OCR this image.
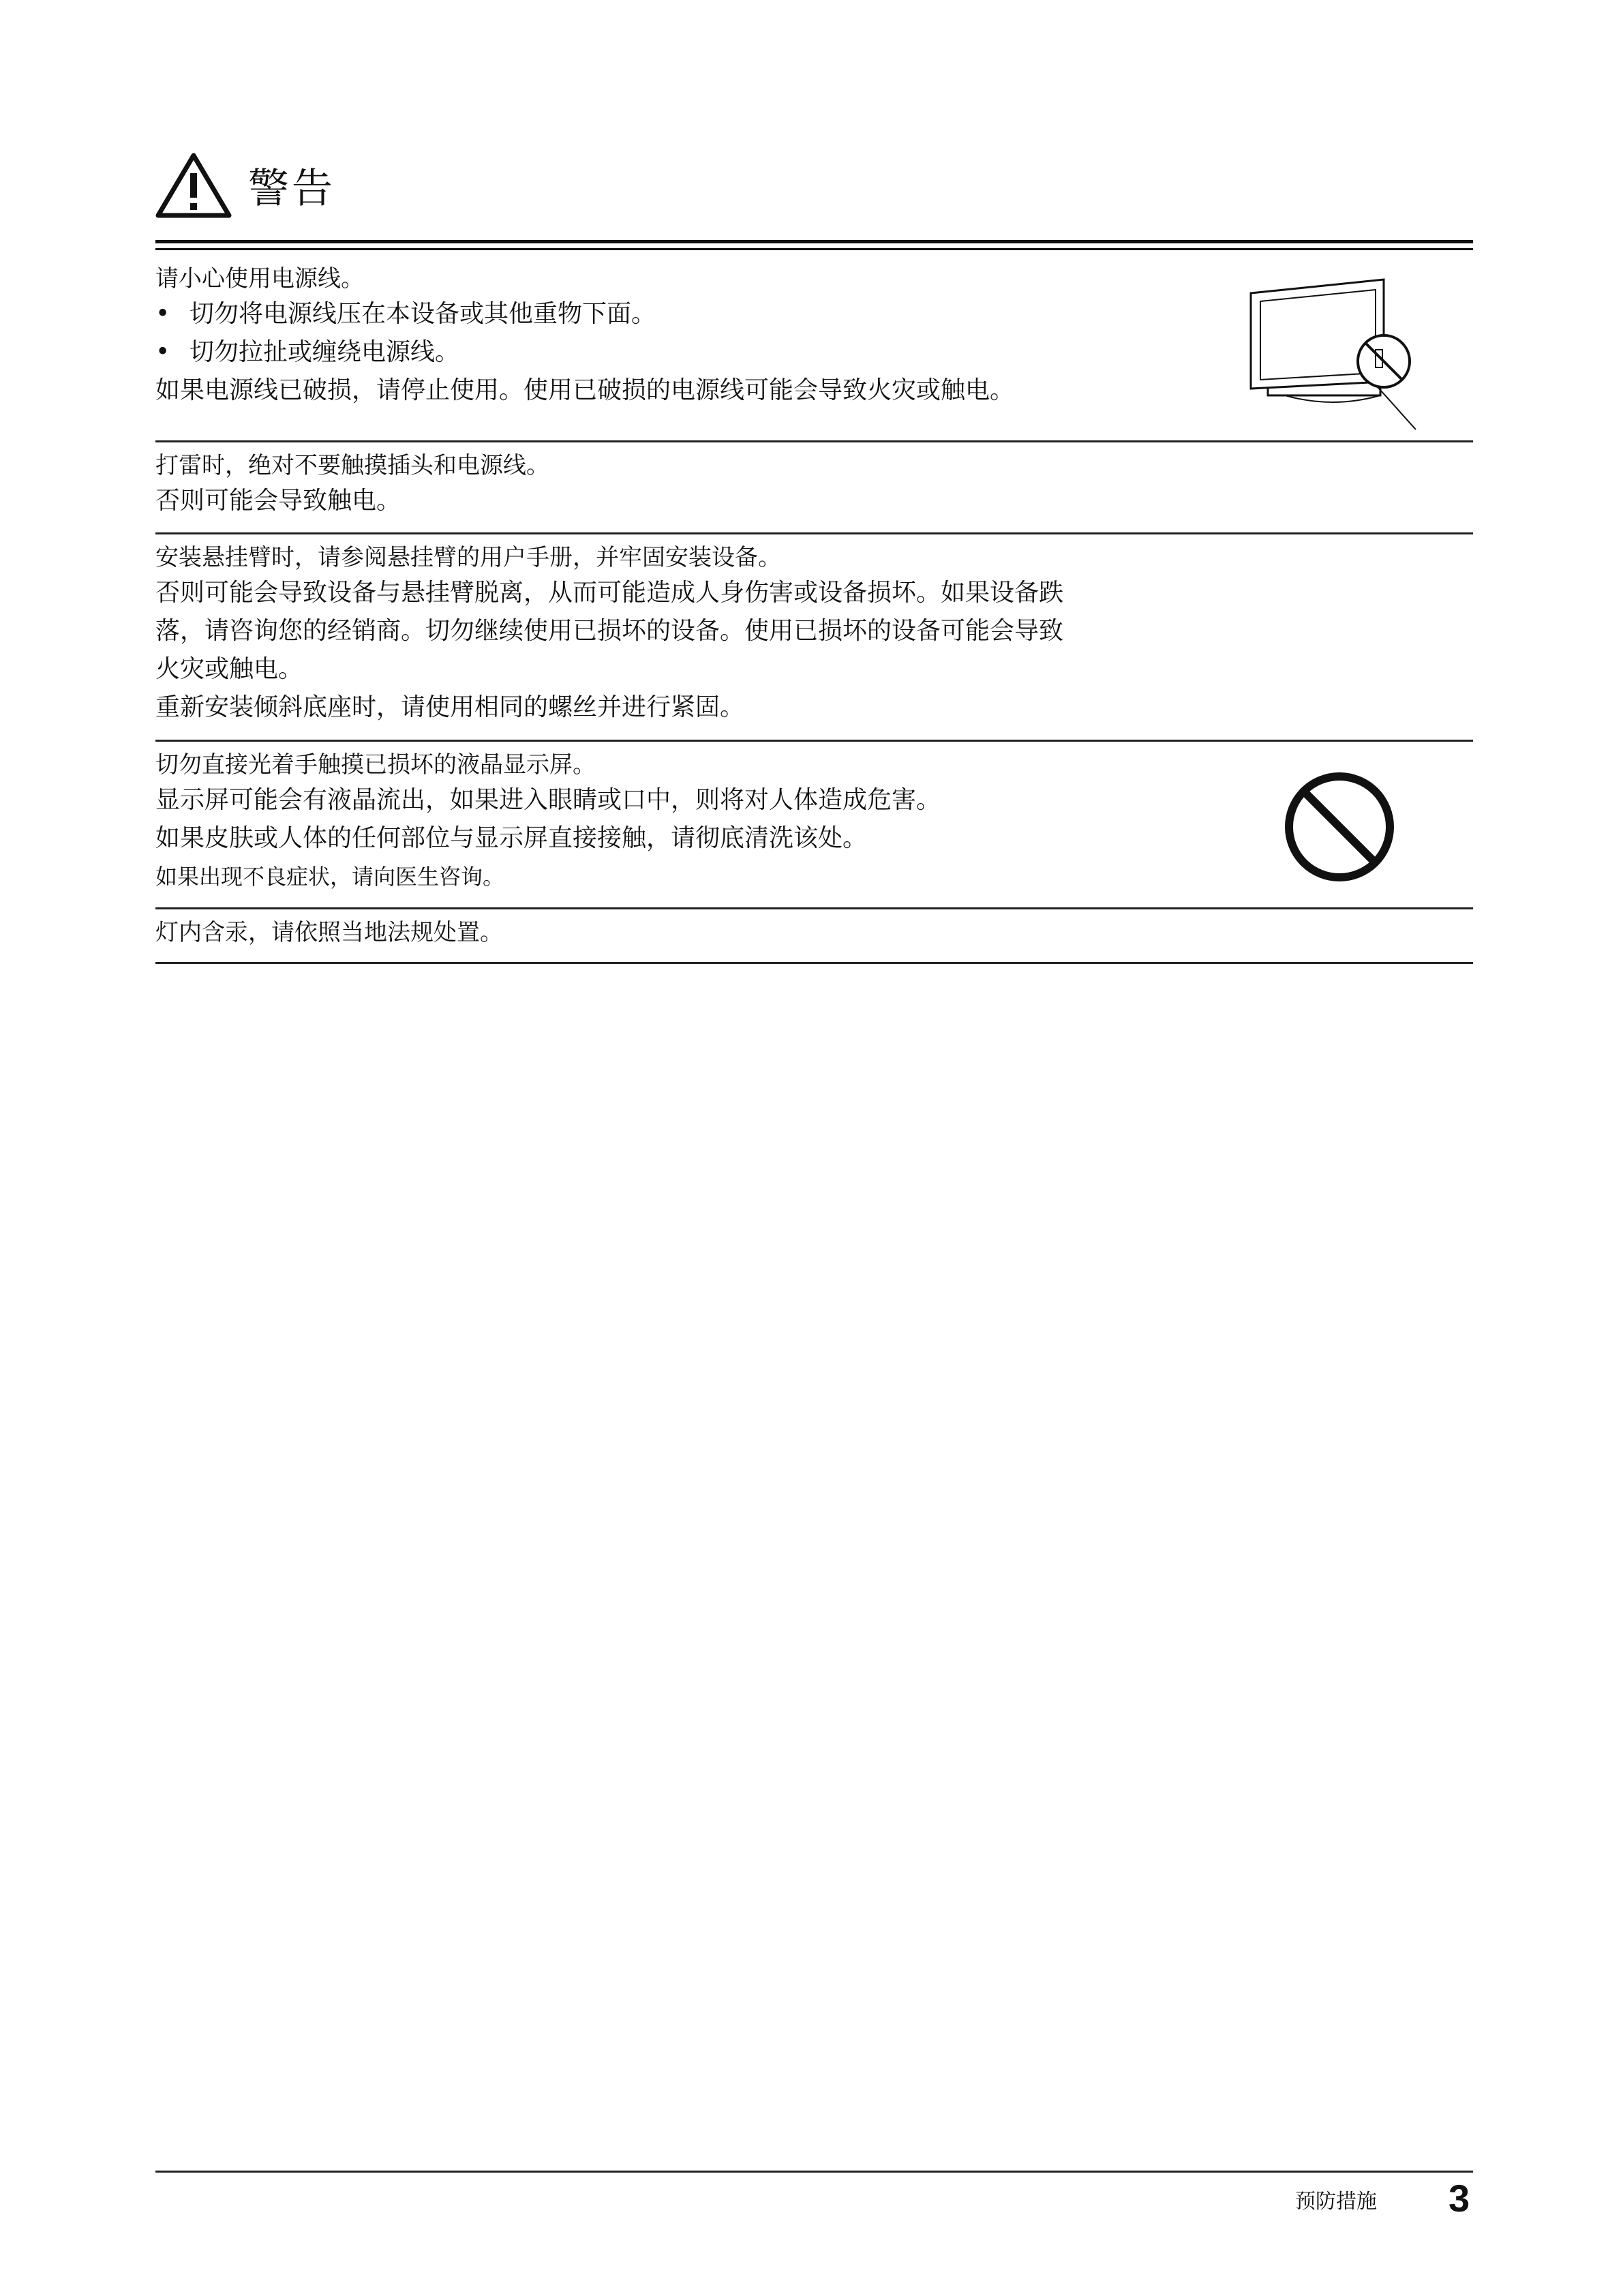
警告
请小心使用电源线。
• 切勿将电源线压在本设备或其他重物下面。
• 切勿拉扯或缠绕电源线。
如果电源线已破损，请停止使用。使用已破损的电源线可能会导致火灾或触电。
打雷时，绝对不要触摸插头和电源线。
否则可能会导致触电。
安装悬挂臂时，请参阅悬挂臂的用户手册，并牢固安装设备。
否则可能会导致设备与悬挂臂脱离，从而可能造成人身伤害或设备损坏。如果设备跌
落，请咨询您的经销商。切勿继续使用已损坏的设备。使用已损坏的设备可能会导致
火灾或触电。
重新安装倾斜底座时，请使用相同的螺丝并进行紧固。
切勿直接光着手触摸已损坏的液晶显示屏。
显示屏可能会有液晶流出，如果进入眼睛或口中，则将对人体造成危害。
如果皮肤或人体的任何部位与显示屏直接接触，请彻底清洗该处。
如果出现不良症状，请向医生咨询。
灯内含汞，请依照当地法规处置。
预防措施 3
